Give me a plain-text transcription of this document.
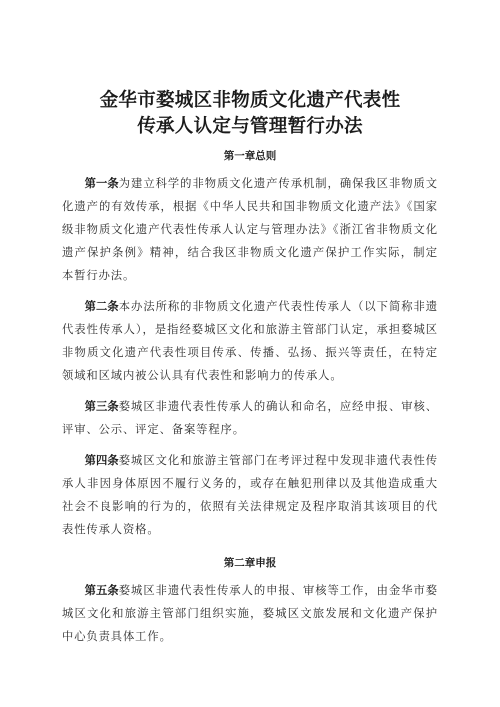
金华市婺城区非物质文化遗产代表性
传承人认定与管理暂行办法
第一章总则

第一条为建立科学的非物质文化遗产传承机制，确保我区非物质文化遗产的有效传承，根据《中华人民共和国非物质文化遗产法》《国家级非物质文化遗产代表性传承人认定与管理办法》《浙江省非物质文化遗产保护条例》精神，结合我区非物质文化遗产保护工作实际，制定本暂行办法。

第二条本办法所称的非物质文化遗产代表性传承人（以下简称非遗代表性传承人），是指经婺城区文化和旅游主管部门认定，承担婺城区非物质文化遗产代表性项目传承、传播、弘扬、振兴等责任，在特定领域和区域内被公认具有代表性和影响力的传承人。

第三条婺城区非遗代表性传承人的确认和命名，应经申报、审核、评审、公示、评定、备案等程序。

第四条婺城区文化和旅游主管部门在考评过程中发现非遗代表性传承人非因身体原因不履行义务的，或存在触犯刑律以及其他造成重大社会不良影响的行为的，依照有关法律规定及程序取消其该项目的代表性传承人资格。

第二章申报

第五条婺城区非遗代表性传承人的申报、审核等工作，由金华市婺城区文化和旅游主管部门组织实施，婺城区文旅发展和文化遗产保护中心负责具体工作。
